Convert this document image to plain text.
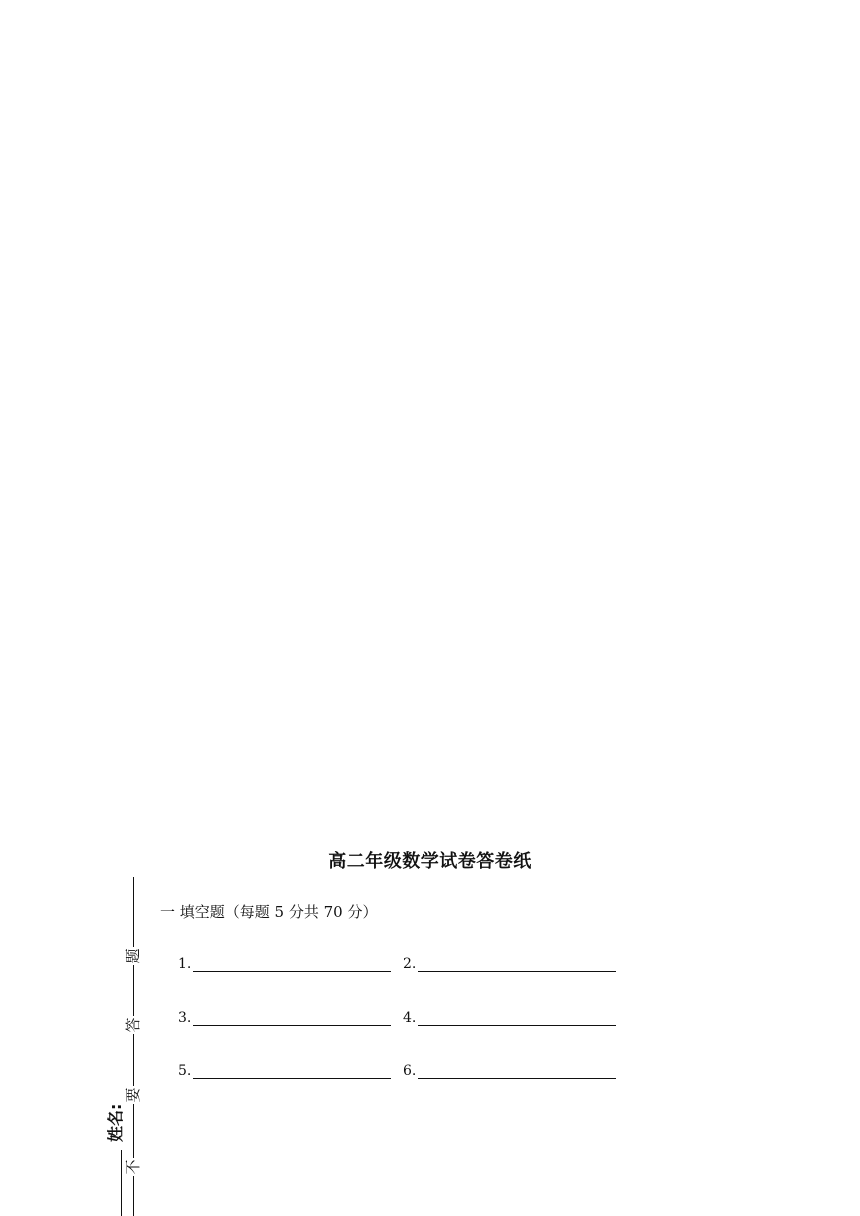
题
答
要
不
姓名:
高二年级数学试卷答卷纸
一 填空题（每题 5 分共 70 分）
1.	2.
3.	4.
5.	6.
